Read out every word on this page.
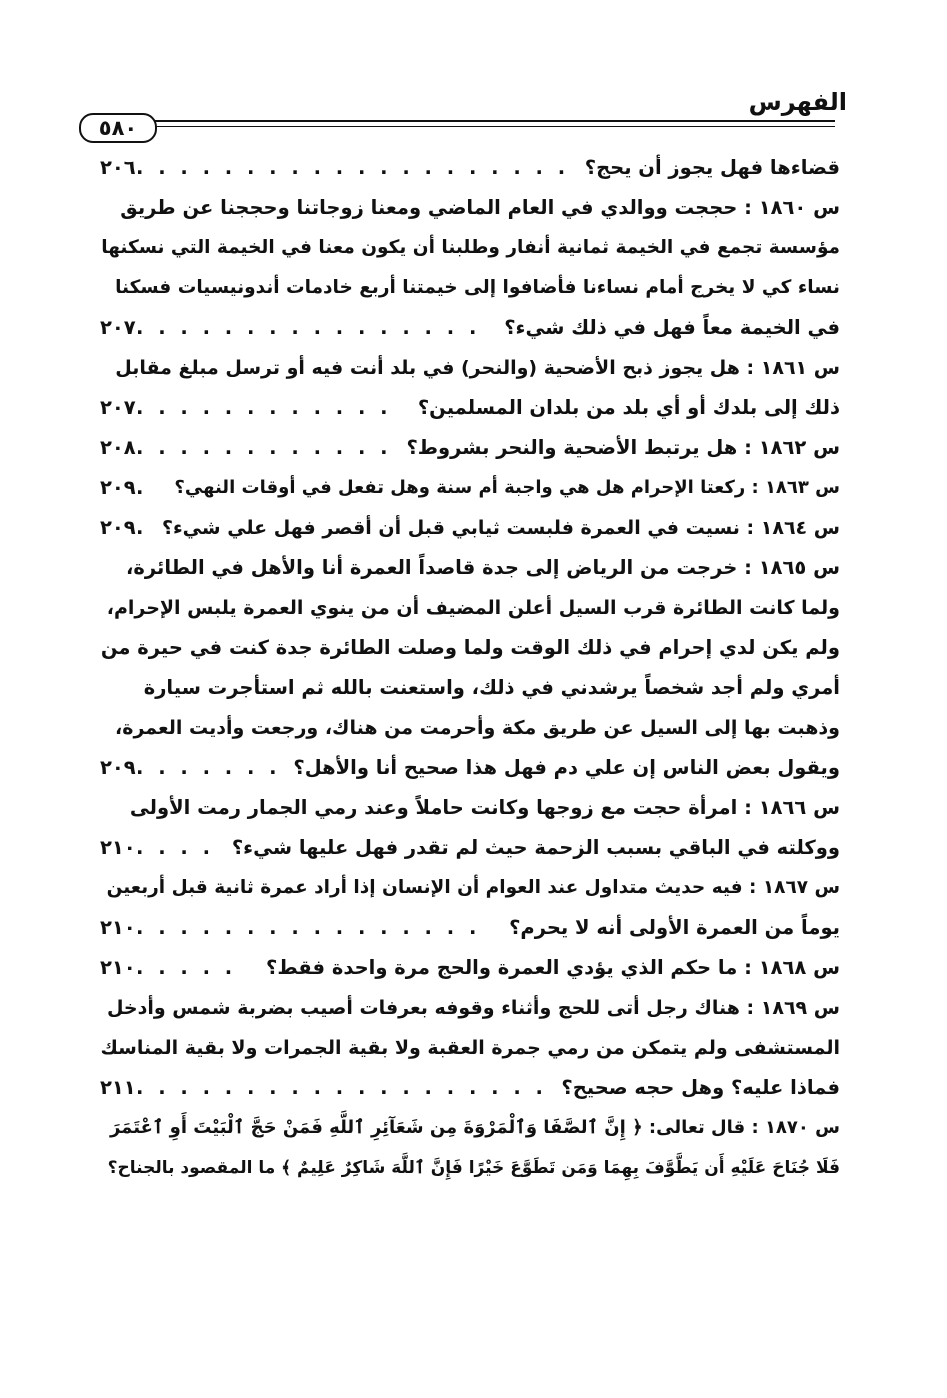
الفهرس
٥٨٠
قضاءها فهل يجوز أن يحج؟
. . . . . . . . . . . . . . . . . . . .
٢٠٦
س ١٨٦٠ : حججت ووالدي في العام الماضي ومعنا زوجاتنا وحججنا عن طريق
مؤسسة تجمع في الخيمة ثمانية أنفار وطلبنا أن يكون معنا في الخيمة التي نسكنها
نساء كي لا يخرج أمام نساءنا فأضافوا إلى خيمتنا أربع خادمات أندونيسيات فسكنا
في الخيمة معاً فهل في ذلك شيء؟
. . . . . . . . . . . . . . . .
٢٠٧
س ١٨٦١ : هل يجوز ذبح الأضحية (والنحر) في بلد أنت فيه أو ترسل مبلغ مقابل
ذلك إلى بلدك أو أي بلد من بلدان المسلمين؟
. . . . . . . . . . . .
٢٠٧
س ١٨٦٢ : هل يرتبط الأضحية والنحر بشروط؟
. . . . . . . . . . . .
٢٠٨
س ١٨٦٣ : ركعتا الإحرام هل هي واجبة أم سنة وهل تفعل في أوقات النهي؟
.
٢٠٩
س ١٨٦٤ : نسيت في العمرة فلبست ثيابي قبل أن أقصر فهل علي شيء؟
.
٢٠٩
س ١٨٦٥ : خرجت من الرياض إلى جدة قاصداً العمرة أنا والأهل في الطائرة،
ولما كانت الطائرة قرب السيل أعلن المضيف أن من ينوي العمرة يلبس الإحرام،
ولم يكن لدي إحرام في ذلك الوقت ولما وصلت الطائرة جدة كنت في حيرة من
أمري ولم أجد شخصاً يرشدني في ذلك، واستعنت بالله ثم استأجرت سيارة
وذهبت بها إلى السيل عن طريق مكة وأحرمت من هناك، ورجعت وأديت العمرة،
ويقول بعض الناس إن علي دم فهل هذا صحيح أنا والأهل؟
. . . . . . .
٢٠٩
س ١٨٦٦ : امرأة حجت مع زوجها وكانت حاملاً وعند رمي الجمار رمت الأولى
ووكلته في الباقي بسبب الزحمة حيث لم تقدر فهل عليها شيء؟
. . . .
٢١٠
س ١٨٦٧ : فيه حديث متداول عند العوام أن الإنسان إذا أراد عمرة ثانية قبل أربعين
يوماً من العمرة الأولى أنه لا يحرم؟
. . . . . . . . . . . . . . . .
٢١٠
س ١٨٦٨ : ما حكم الذي يؤدي العمرة والحج مرة واحدة فقط؟
. . . . .
٢١٠
س ١٨٦٩ : هناك رجل أتى للحج وأثناء وقوفه بعرفات أصيب بضربة شمس وأدخل
المستشفى ولم يتمكن من رمي جمرة العقبة ولا بقية الجمرات ولا بقية المناسك
فماذا عليه؟ وهل حجه صحيح؟
. . . . . . . . . . . . . . . . . . .
٢١١
س ١٨٧٠ : قال تعالى: ﴿ إِنَّ ٱلصَّفَا وَٱلْمَرْوَةَ مِن شَعَآئِرِ ٱللَّهِ فَمَنْ حَجَّ ٱلْبَيْتَ أَوِ ٱعْتَمَرَ
فَلَا جُنَاحَ عَلَيْهِ أَن يَطَّوَّفَ بِهِمَا وَمَن تَطَوَّعَ خَيْرًا فَإِنَّ ٱللَّهَ شَاكِرٌ عَلِيمٌ ﴾ ما المقصود بالجناح؟
